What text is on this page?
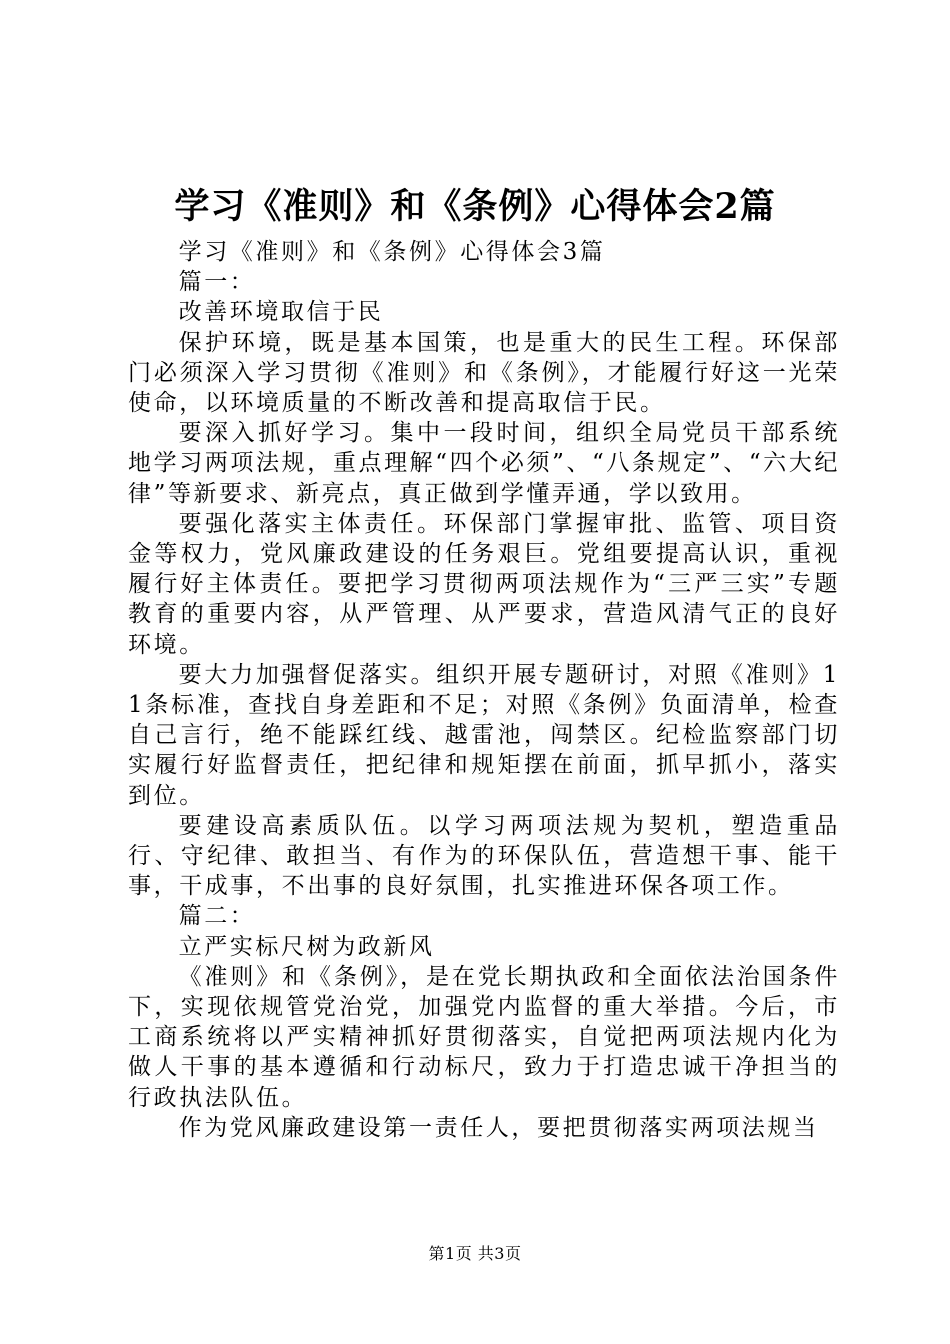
学习《准则》和《条例》心得体会2篇

学习《准则》和《条例》心得体会3篇

篇一：

改善环境取信于民

保护环境，既是基本国策，也是重大的民生工程。环保部门必须深入学习贯彻《准则》和《条例》，才能履行好这一光荣使命，以环境质量的不断改善和提高取信于民。

要深入抓好学习。集中一段时间，组织全局党员干部系统地学习两项法规，重点理解“四个必须”、“八条规定”、“六大纪律”等新要求、新亮点，真正做到学懂弄通，学以致用。

要强化落实主体责任。环保部门掌握审批、监管、项目资金等权力，党风廉政建设的任务艰巨。党组要提高认识，重视履行好主体责任。要把学习贯彻两项法规作为“三严三实”专题教育的重要内容，从严管理、从严要求，营造风清气正的良好环境。

要大力加强督促落实。组织开展专题研讨，对照《准则》11条标准，查找自身差距和不足；对照《条例》负面清单，检查自己言行，绝不能踩红线、越雷池，闯禁区。纪检监察部门切实履行好监督责任，把纪律和规矩摆在前面，抓早抓小，落实到位。

要建设高素质队伍。以学习两项法规为契机，塑造重品行、守纪律、敢担当、有作为的环保队伍，营造想干事、能干事，干成事，不出事的良好氛围，扎实推进环保各项工作。

篇二：

立严实标尺树为政新风

《准则》和《条例》，是在党长期执政和全面依法治国条件下，实现依规管党治党，加强党内监督的重大举措。今后，市工商系统将以严实精神抓好贯彻落实，自觉把两项法规内化为做人干事的基本遵循和行动标尺，致力于打造忠诚干净担当的行政执法队伍。

作为党风廉政建设第一责任人，要把贯彻落实两项法规当

第1页 共3页
